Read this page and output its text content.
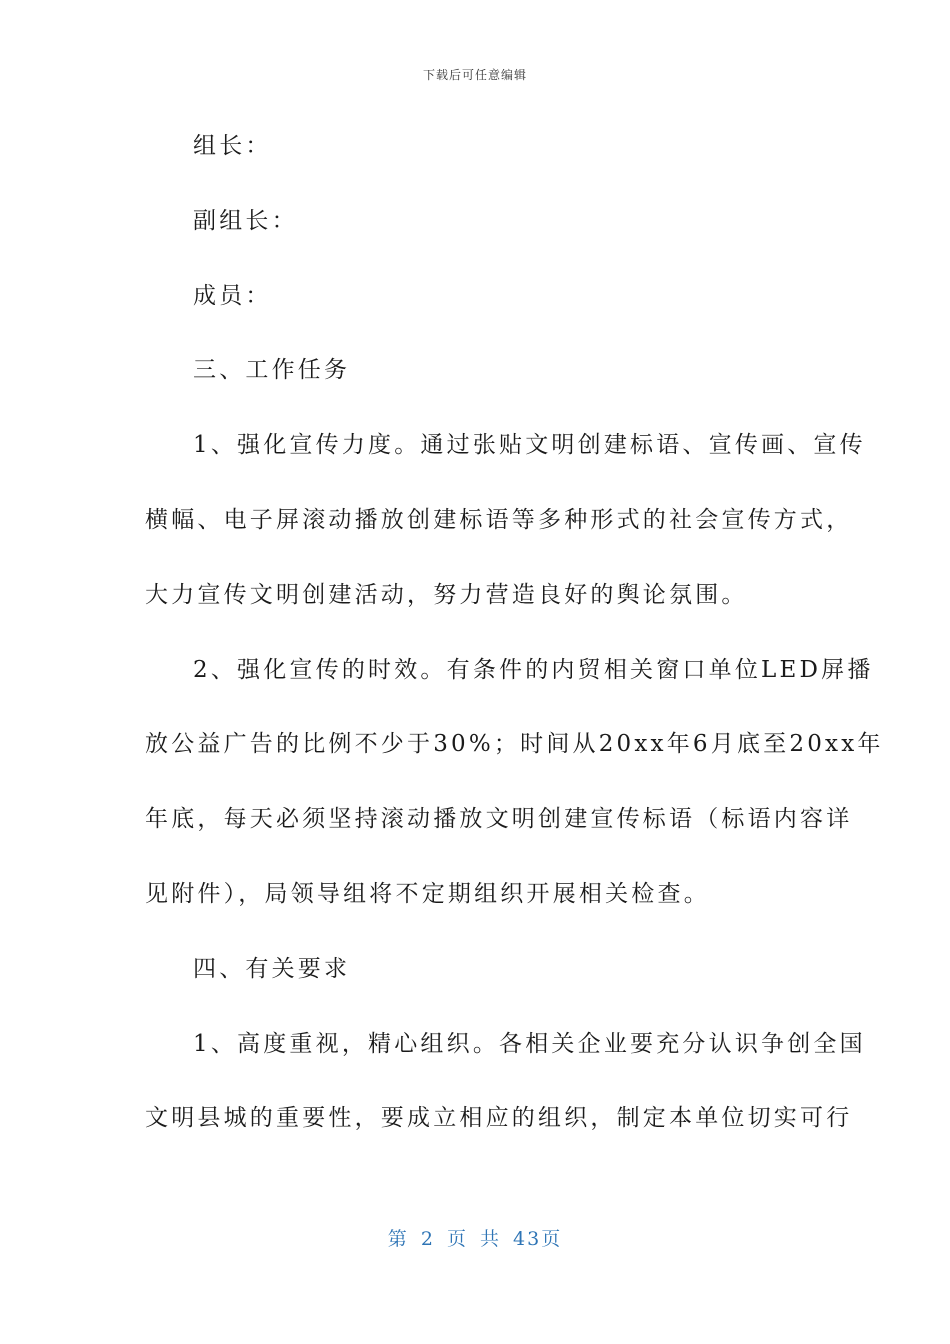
下载后可任意编辑
组长：
副组长：
成员：
三、工作任务
1、强化宣传力度。通过张贴文明创建标语、宣传画、宣传
横幅、电子屏滚动播放创建标语等多种形式的社会宣传方式，
大力宣传文明创建活动，努力营造良好的舆论氛围。
2、强化宣传的时效。有条件的内贸相关窗口单位LED屏播
放公益广告的比例不少于30%；时间从20xx年6月底至20xx年
年底，每天必须坚持滚动播放文明创建宣传标语（标语内容详
见附件），局领导组将不定期组织开展相关检查。
四、有关要求
1、高度重视，精心组织。各相关企业要充分认识争创全国
文明县城的重要性，要成立相应的组织，制定本单位切实可行
第 2 页 共 43页
